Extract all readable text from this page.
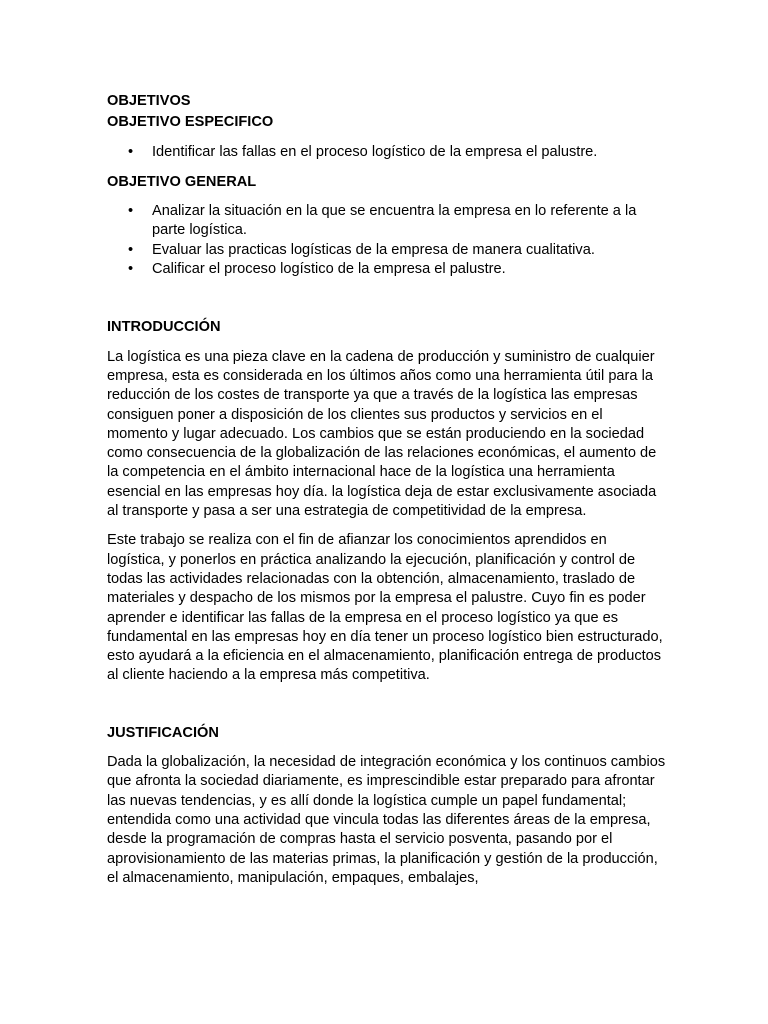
OBJETIVOS
OBJETIVO ESPECIFICO
• Identificar las fallas en el proceso logístico de la empresa el palustre.
OBJETIVO GENERAL
• Analizar la situación en la que se encuentra la empresa en lo referente a la parte logística.
• Evaluar las practicas logísticas de la empresa de manera cualitativa.
• Calificar el proceso logístico de la empresa el palustre.
INTRODUCCIÓN

La logística es una pieza clave en la cadena de producción y suministro de cualquier empresa, esta es considerada en los últimos años como una herramienta útil para la reducción de los costes de transporte ya que a través de la logística las empresas consiguen poner a disposición de los clientes sus productos y servicios en el momento y lugar adecuado. Los cambios que se están produciendo en la sociedad como consecuencia de la globalización de las relaciones económicas, el aumento de la competencia en el ámbito internacional hace de la logística una herramienta esencial en las empresas hoy día. la logística deja de estar exclusivamente asociada al transporte y pasa a ser una estrategia de competitividad de la empresa.

Este trabajo se realiza con el fin de afianzar los conocimientos aprendidos en logística, y ponerlos en práctica analizando la ejecución, planificación y control de todas las actividades relacionadas con la obtención, almacenamiento, traslado de materiales y despacho de los mismos por la empresa el palustre. Cuyo fin es poder aprender e identificar las fallas de la empresa en el proceso logístico ya que es fundamental en las empresas hoy en día tener un proceso logístico bien estructurado, esto ayudará a la eficiencia en el almacenamiento, planificación entrega de productos al cliente haciendo a la empresa más competitiva.

JUSTIFICACIÓN

Dada la globalización, la necesidad de integración económica y los continuos cambios que afronta la sociedad diariamente, es imprescindible estar preparado para afrontar las nuevas tendencias, y es allí donde la logística cumple un papel fundamental; entendida como una actividad que vincula todas las diferentes áreas de la empresa, desde la programación de compras hasta el servicio posventa, pasando por el aprovisionamiento de las materias primas, la planificación y gestión de la producción, el almacenamiento, manipulación, empaques, embalajes,
